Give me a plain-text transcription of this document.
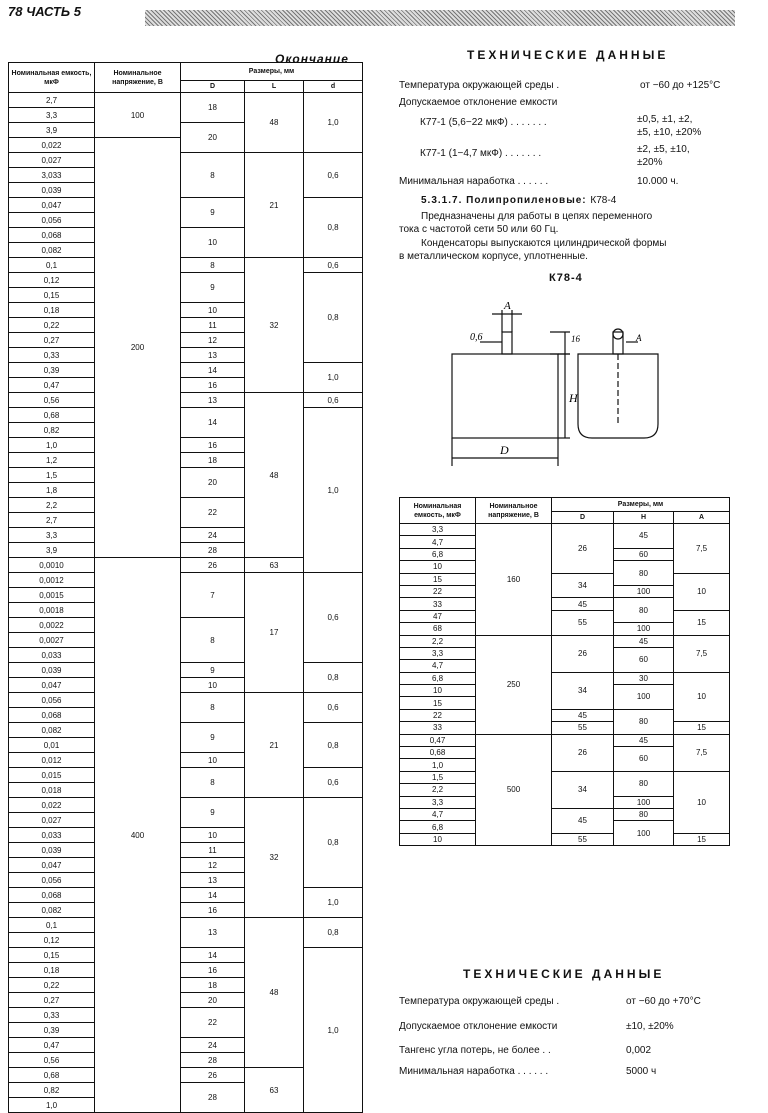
78 ЧАСТЬ 5
Окончание
Номинальная емкость, мкФ	Номинальное напряжение, В	Размеры, мм		
		D	L	d
2,7	100	18	48	1,0
3,3				
3,9		20		
0,022	200			
0,027		8	21	0,6
3,033				
0,039				
0,047		9		0,8
0,056				
0,068		10		
0,082				
0,1		8	32	0,6
0,12		9		0,8
0,15				
0,18		10		
0,22		11		
0,27		12		
0,33		13		
0,39		14		1,0
0,47		16		
0,56		13	48	0,6
0,68		14		1,0
0,82				
1,0		16		
1,2		18		
1,5		20		
1,8				
2,2		22		
2,7				
3,3		24		
3,9		28		
0,0010	400	26	63	
0,0012		7	17	0,6
0,0015				
0,0018				
0,0022		8		
0,0027				
0,033				
0,039		9		0,8
0,047		10		
0,056		8	21	0,6
0,068				
0,082		9		0,8
0,01				
0,012		10		
0,015		8		0,6
0,018				
0,022		9	32	0,8
0,027				
0,033		10		
0,039		11		
0,047		12		
0,056		13		
0,068		14		1,0
0,082		16		
0,1		13	48	0,8
0,12				
0,15		14		1,0
0,18		16		
0,22		18		
0,27		20		
0,33		22		
0,39				
0,47		24		
0,56		28		
0,68		26	63	
0,82		28		
1,0				
ТЕХНИЧЕСКИЕ ДАННЫЕ
Температура окружающей среды .	от −60 до +125°С
Допускаемое отклонение емкости
К77-1 (5,6−22 мкФ) . . . . . . .	±0,5, ±1, ±2,
±5, ±10, ±20%
К77-1 (1−4,7 мкФ) . . . . . . .	±2, ±5, ±10,
±20%
Минимальная наработка . . . . . .	10.000 ч.
5.3.1.7. Полипропиленовые: К78-4
Предназначены для работы в цепях переменного
тока с частотой сети 50 или 60 Гц.
Конденсаторы выпускаются цилиндрической формы
в металлическом корпусе, уплотненные.
К78-4
A
0,6	16
H
D
A
Номинальная емкость, мкФ	Номинальное напряжение, В	Размеры, мм		
		D	H	A
3,3	160	26	45	7,5
4,7				
6,8			60	
10			80	
15		34		10
22			100	
33		45	80	
47		55		15
68			100	
2,2	250	26	45	7,5
3,3			60	
4,7				
6,8		34	30	10
10			100	
15				
22		45	80	
33		55		15
0,47	500	26	45	7,5
0,68			60	
1,0				
1,5		34	80	10
2,2				
3,3			100	
4,7		45	80	
6,8			100	
10		55		15
ТЕХНИЧЕСКИЕ ДАННЫЕ
Температура окружающей среды .	от −60 до +70°С
Допускаемое отклонение емкости	±10, ±20%
Тангенс угла потерь, не более . .	0,002
Минимальная наработка . . . . . .	5000 ч
